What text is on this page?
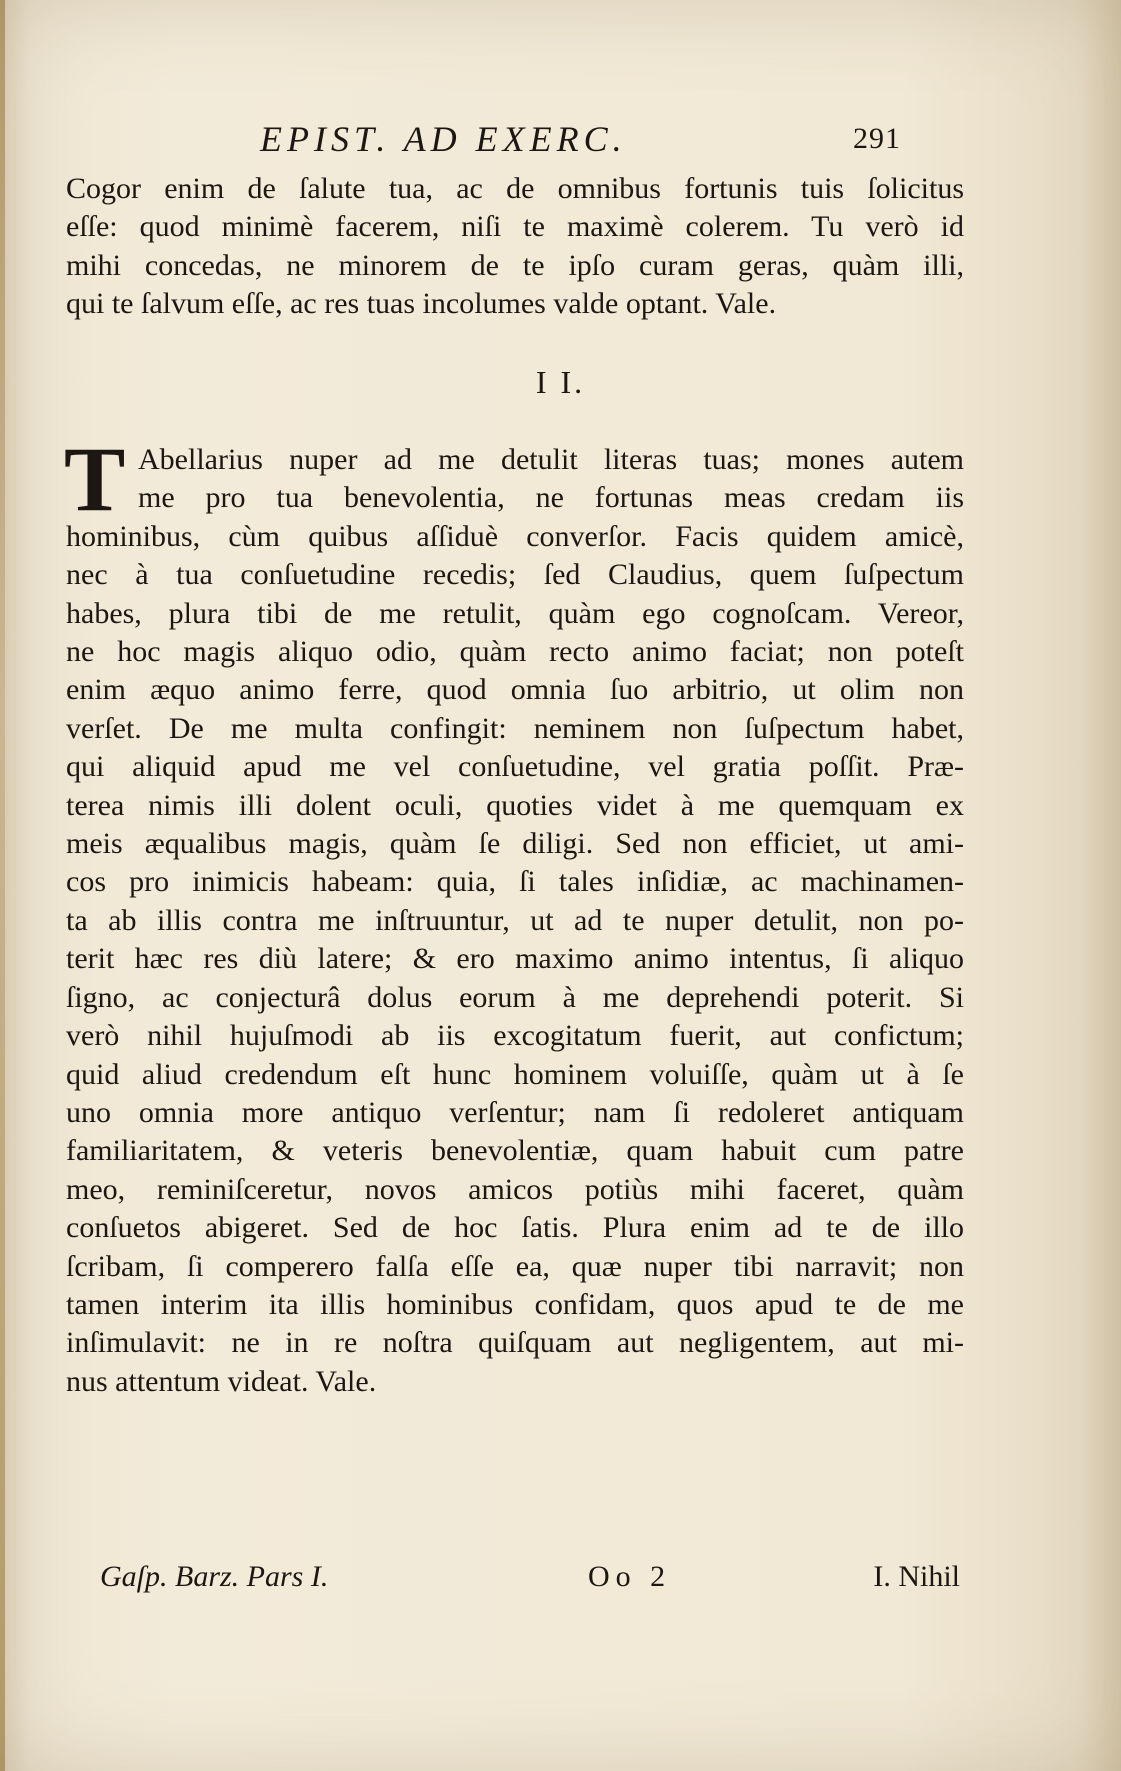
EPIST. AD EXERC.	291
Cogor enim de ſalute tua, ac de omnibus fortunis tuis ſolicitus
eſſe: quod minimè facerem, niſi te maximè colerem. Tu verò id
mihi concedas, ne minorem de te ipſo curam geras, quàm illi,
qui te ſalvum eſſe, ac res tuas incolumes valde optant. Vale.
I I.
T Abellarius nuper ad me detulit literas tuas; mones autem
me pro tua benevolentia, ne fortunas meas credam iis
hominibus, cùm quibus aſſiduè converſor. Facis quidem amicè,
nec à tua conſuetudine recedis; ſed Claudius, quem ſuſpectum
habes, plura tibi de me retulit, quàm ego cognoſcam. Vereor,
ne hoc magis aliquo odio, quàm recto animo faciat; non poteſt
enim æquo animo ferre, quod omnia ſuo arbitrio, ut olim non
verſet. De me multa confingit: neminem non ſuſpectum habet,
qui aliquid apud me vel conſuetudine, vel gratia poſſit. Præ-
terea nimis illi dolent oculi, quoties videt à me quemquam ex
meis æqualibus magis, quàm ſe diligi. Sed non efficiet, ut ami-
cos pro inimicis habeam: quia, ſi tales inſidiæ, ac machinamen-
ta ab illis contra me inſtruuntur, ut ad te nuper detulit, non po-
terit hæc res diù latere; & ero maximo animo intentus, ſi aliquo
ſigno, ac conjecturâ dolus eorum à me deprehendi poterit. Si
verò nihil hujuſmodi ab iis excogitatum fuerit, aut confictum;
quid aliud credendum eſt hunc hominem voluiſſe, quàm ut à ſe
uno omnia more antiquo verſentur; nam ſi redoleret antiquam
familiaritatem, & veteris benevolentiæ, quam habuit cum patre
meo, reminiſceretur, novos amicos potiùs mihi faceret, quàm
conſuetos abigeret. Sed de hoc ſatis. Plura enim ad te de illo
ſcribam, ſi comperero falſa eſſe ea, quæ nuper tibi narravit; non
tamen interim ita illis hominibus confidam, quos apud te de me
inſimulavit: ne in re noſtra quiſquam aut negligentem, aut mi-
nus attentum videat. Vale.
Gaſp. Barz. Pars I.	Oo 2	I. Nihil
